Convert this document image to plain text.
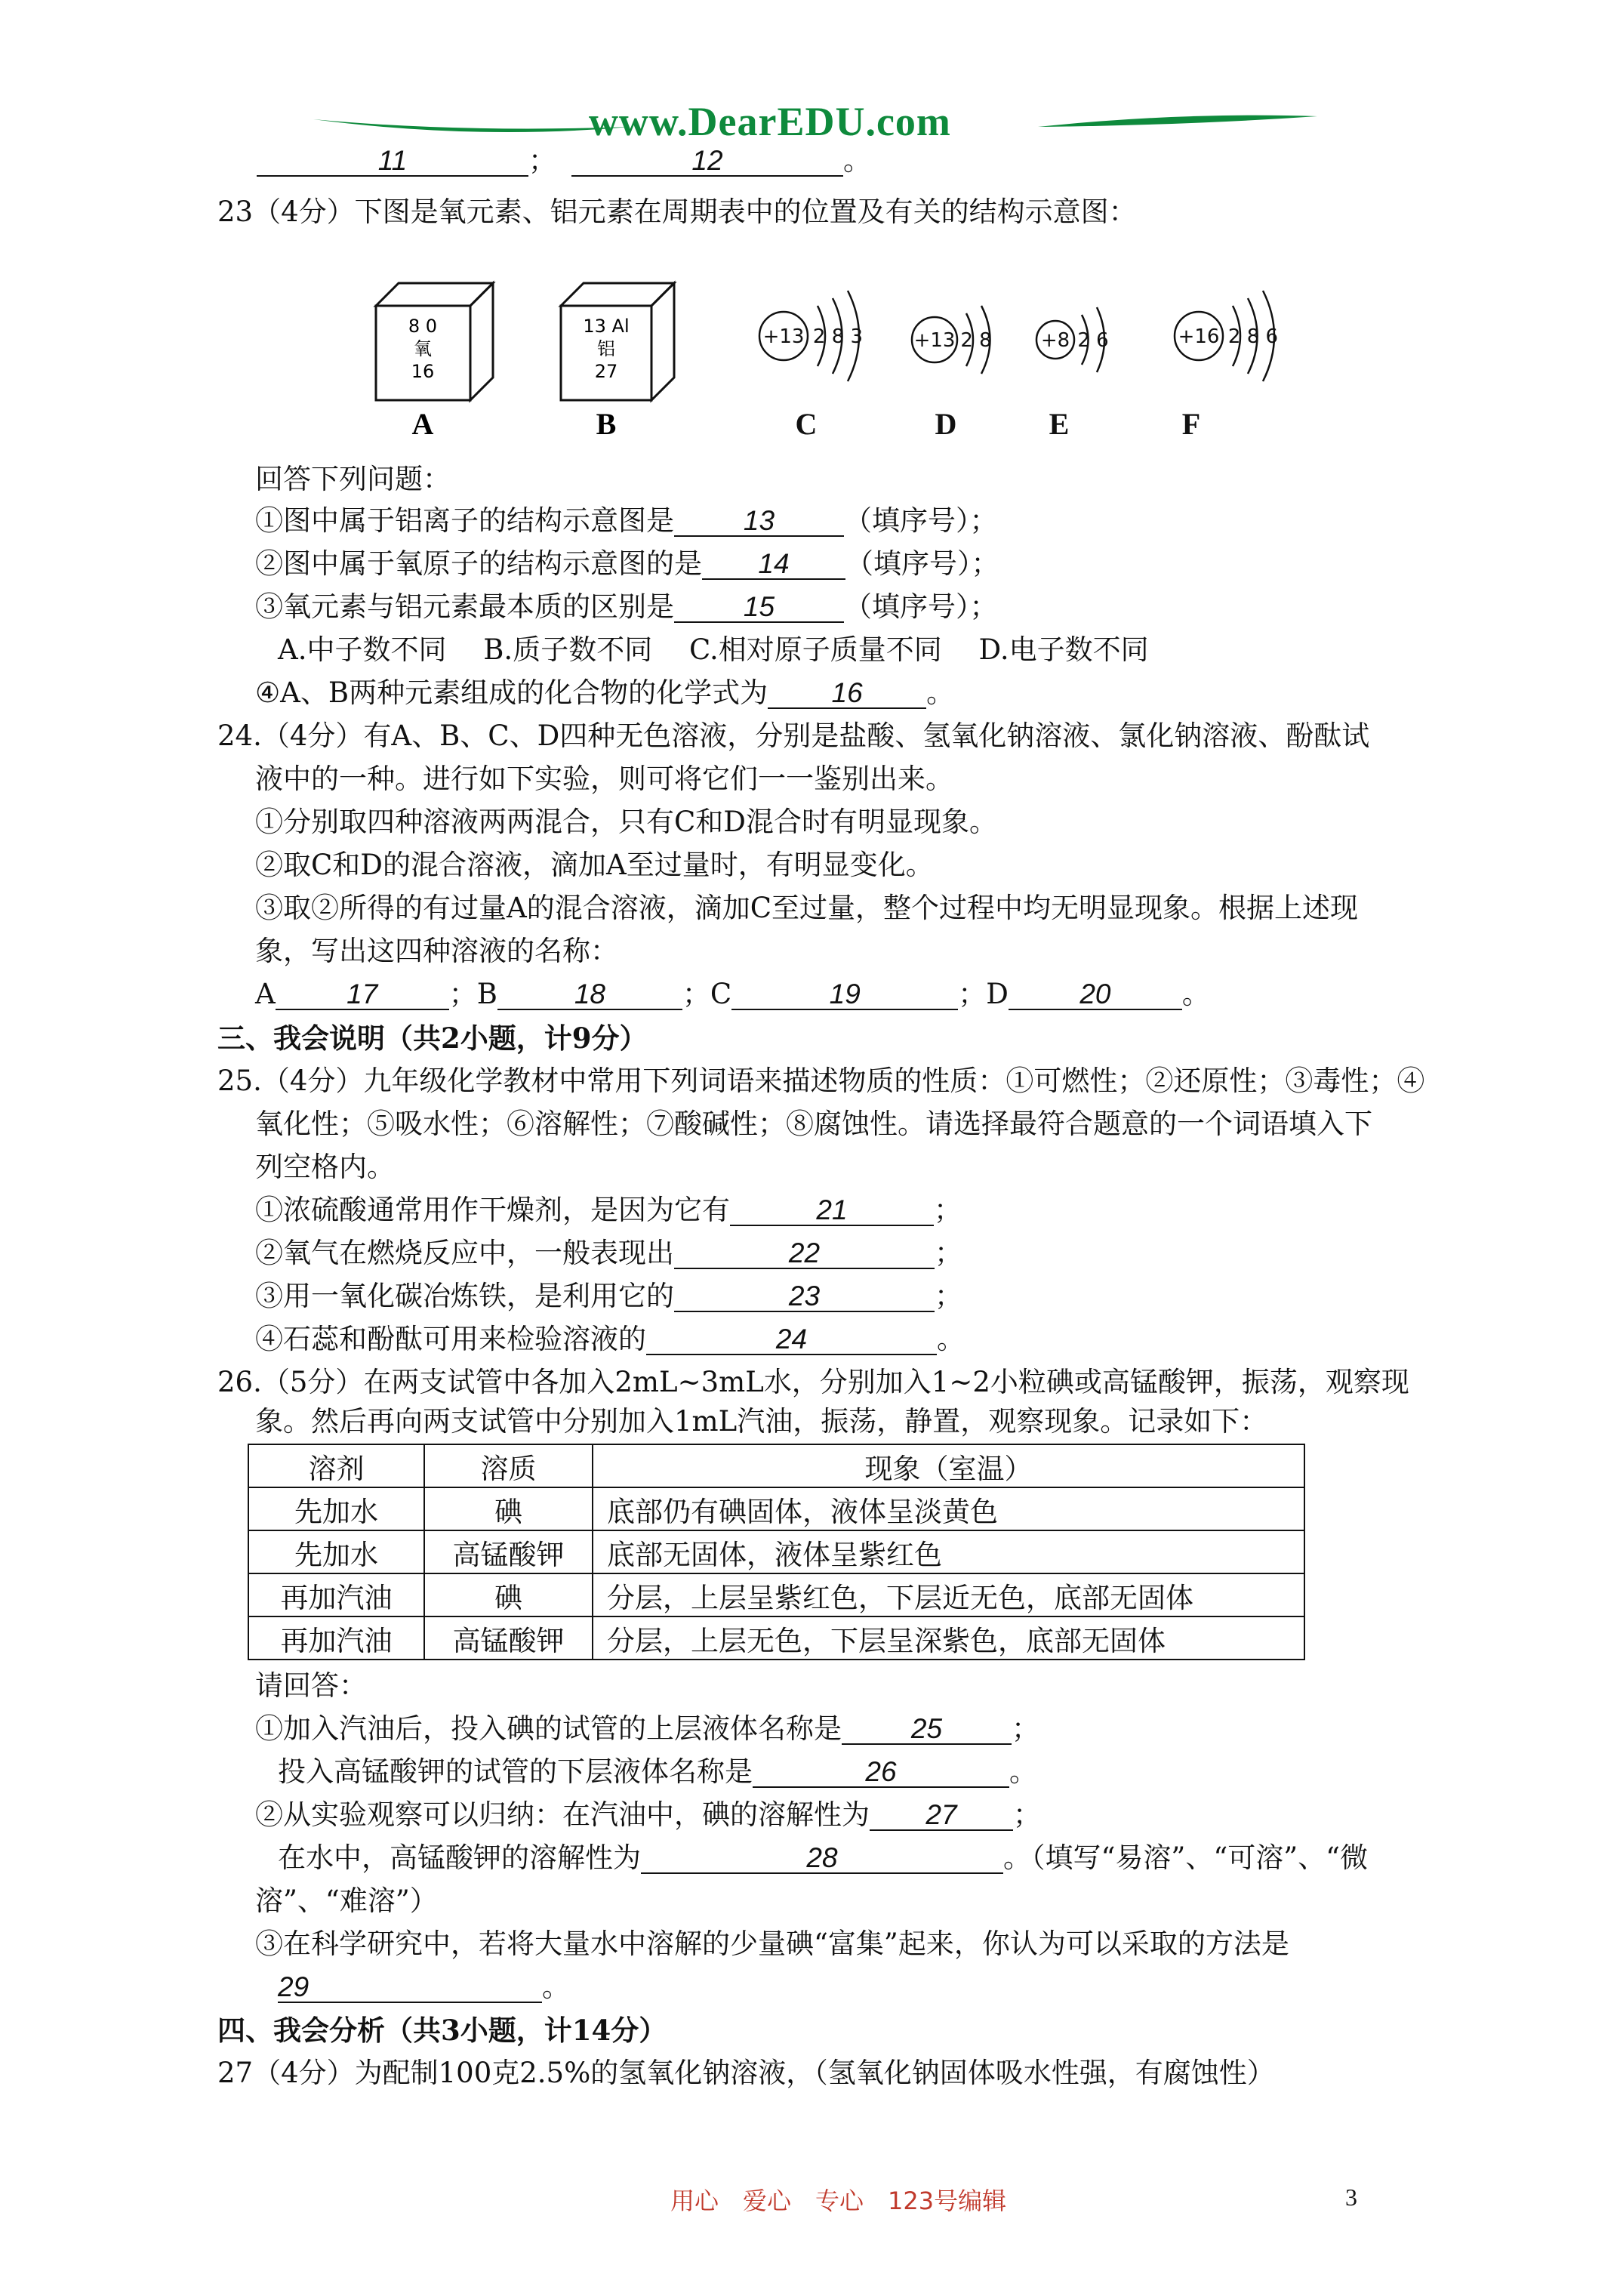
www.DearEDU.com
11	；	12	。
23（4分）下图是氧元素、铝元素在周期表中的位置及有关的结构示意图：
8 0
氧
16
A
13 Al
铝
27
B
+13 2 8 3
C
+13 2 8
D
+8 2 6
E
+16 2 8 6
F
回答下列问题：
①图中属于铝离子的结构示意图是 13 （填序号）；
②图中属于氧原子的结构示意图的是 14 （填序号）；
③氧元素与铝元素最本质的区别是 15 （填序号）；
A.中子数不同　 B.质子数不同　 C.相对原子质量不同　 D.电子数不同
④A、B两种元素组成的化合物的化学式为 16 。
24.（4分）有A、B、C、D四种无色溶液，分别是盐酸、氢氧化钠溶液、氯化钠溶液、酚酞试
液中的一种。进行如下实验，则可将它们一一鉴别出来。
①分别取四种溶液两两混合，只有C和D混合时有明显现象。
②取C和D的混合溶液，滴加A至过量时，有明显变化。
③取②所得的有过量A的混合溶液，滴加C至过量，整个过程中均无明显现象。根据上述现
象，写出这四种溶液的名称：
A	17	；B	18	；C	19	；D	20	。
三、我会说明（共2小题，计9分）
25.（4分）九年级化学教材中常用下列词语来描述物质的性质：①可燃性；②还原性；③毒性；④
氧化性；⑤吸水性；⑥溶解性；⑦酸碱性；⑧腐蚀性。请选择最符合题意的一个词语填入下
列空格内。
①浓硫酸通常用作干燥剂，是因为它有	21	；
②氧气在燃烧反应中，一般表现出	22	；
③用一氧化碳冶炼铁，是利用它的	23	；
④石蕊和酚酞可用来检验溶液的	24	。
26.（5分）在两支试管中各加入2mL~3mL水，分别加入1~2小粒碘或高锰酸钾，振荡，观察现
象。然后再向两支试管中分别加入1mL汽油，振荡，静置，观察现象。记录如下：
溶剂	溶质	现象（室温）
先加水	碘	底部仍有碘固体，液体呈淡黄色
先加水	高锰酸钾	底部无固体，液体呈紫红色
再加汽油	碘	分层，上层呈紫红色，下层近无色，底部无固体
再加汽油	高锰酸钾	分层，上层无色，下层呈深紫色，底部无固体
请回答：
①加入汽油后，投入碘的试管的上层液体名称是 25 ；
投入高锰酸钾的试管的下层液体名称是	26	。
②从实验观察可以归纳：在汽油中，碘的溶解性为 27 ；
在水中，高锰酸钾的溶解性为	28	。（填写“易溶”、“可溶”、“微
溶”、“难溶”）
③在科学研究中，若将大量水中溶解的少量碘“富集”起来，你认为可以采取的方法是
29	。
四、我会分析（共3小题，计14分）
27（4分）为配制100克2.5%的氢氧化钠溶液，（氢氧化钠固体吸水性强，有腐蚀性）
用心　爱心　专心　123号编辑	3
